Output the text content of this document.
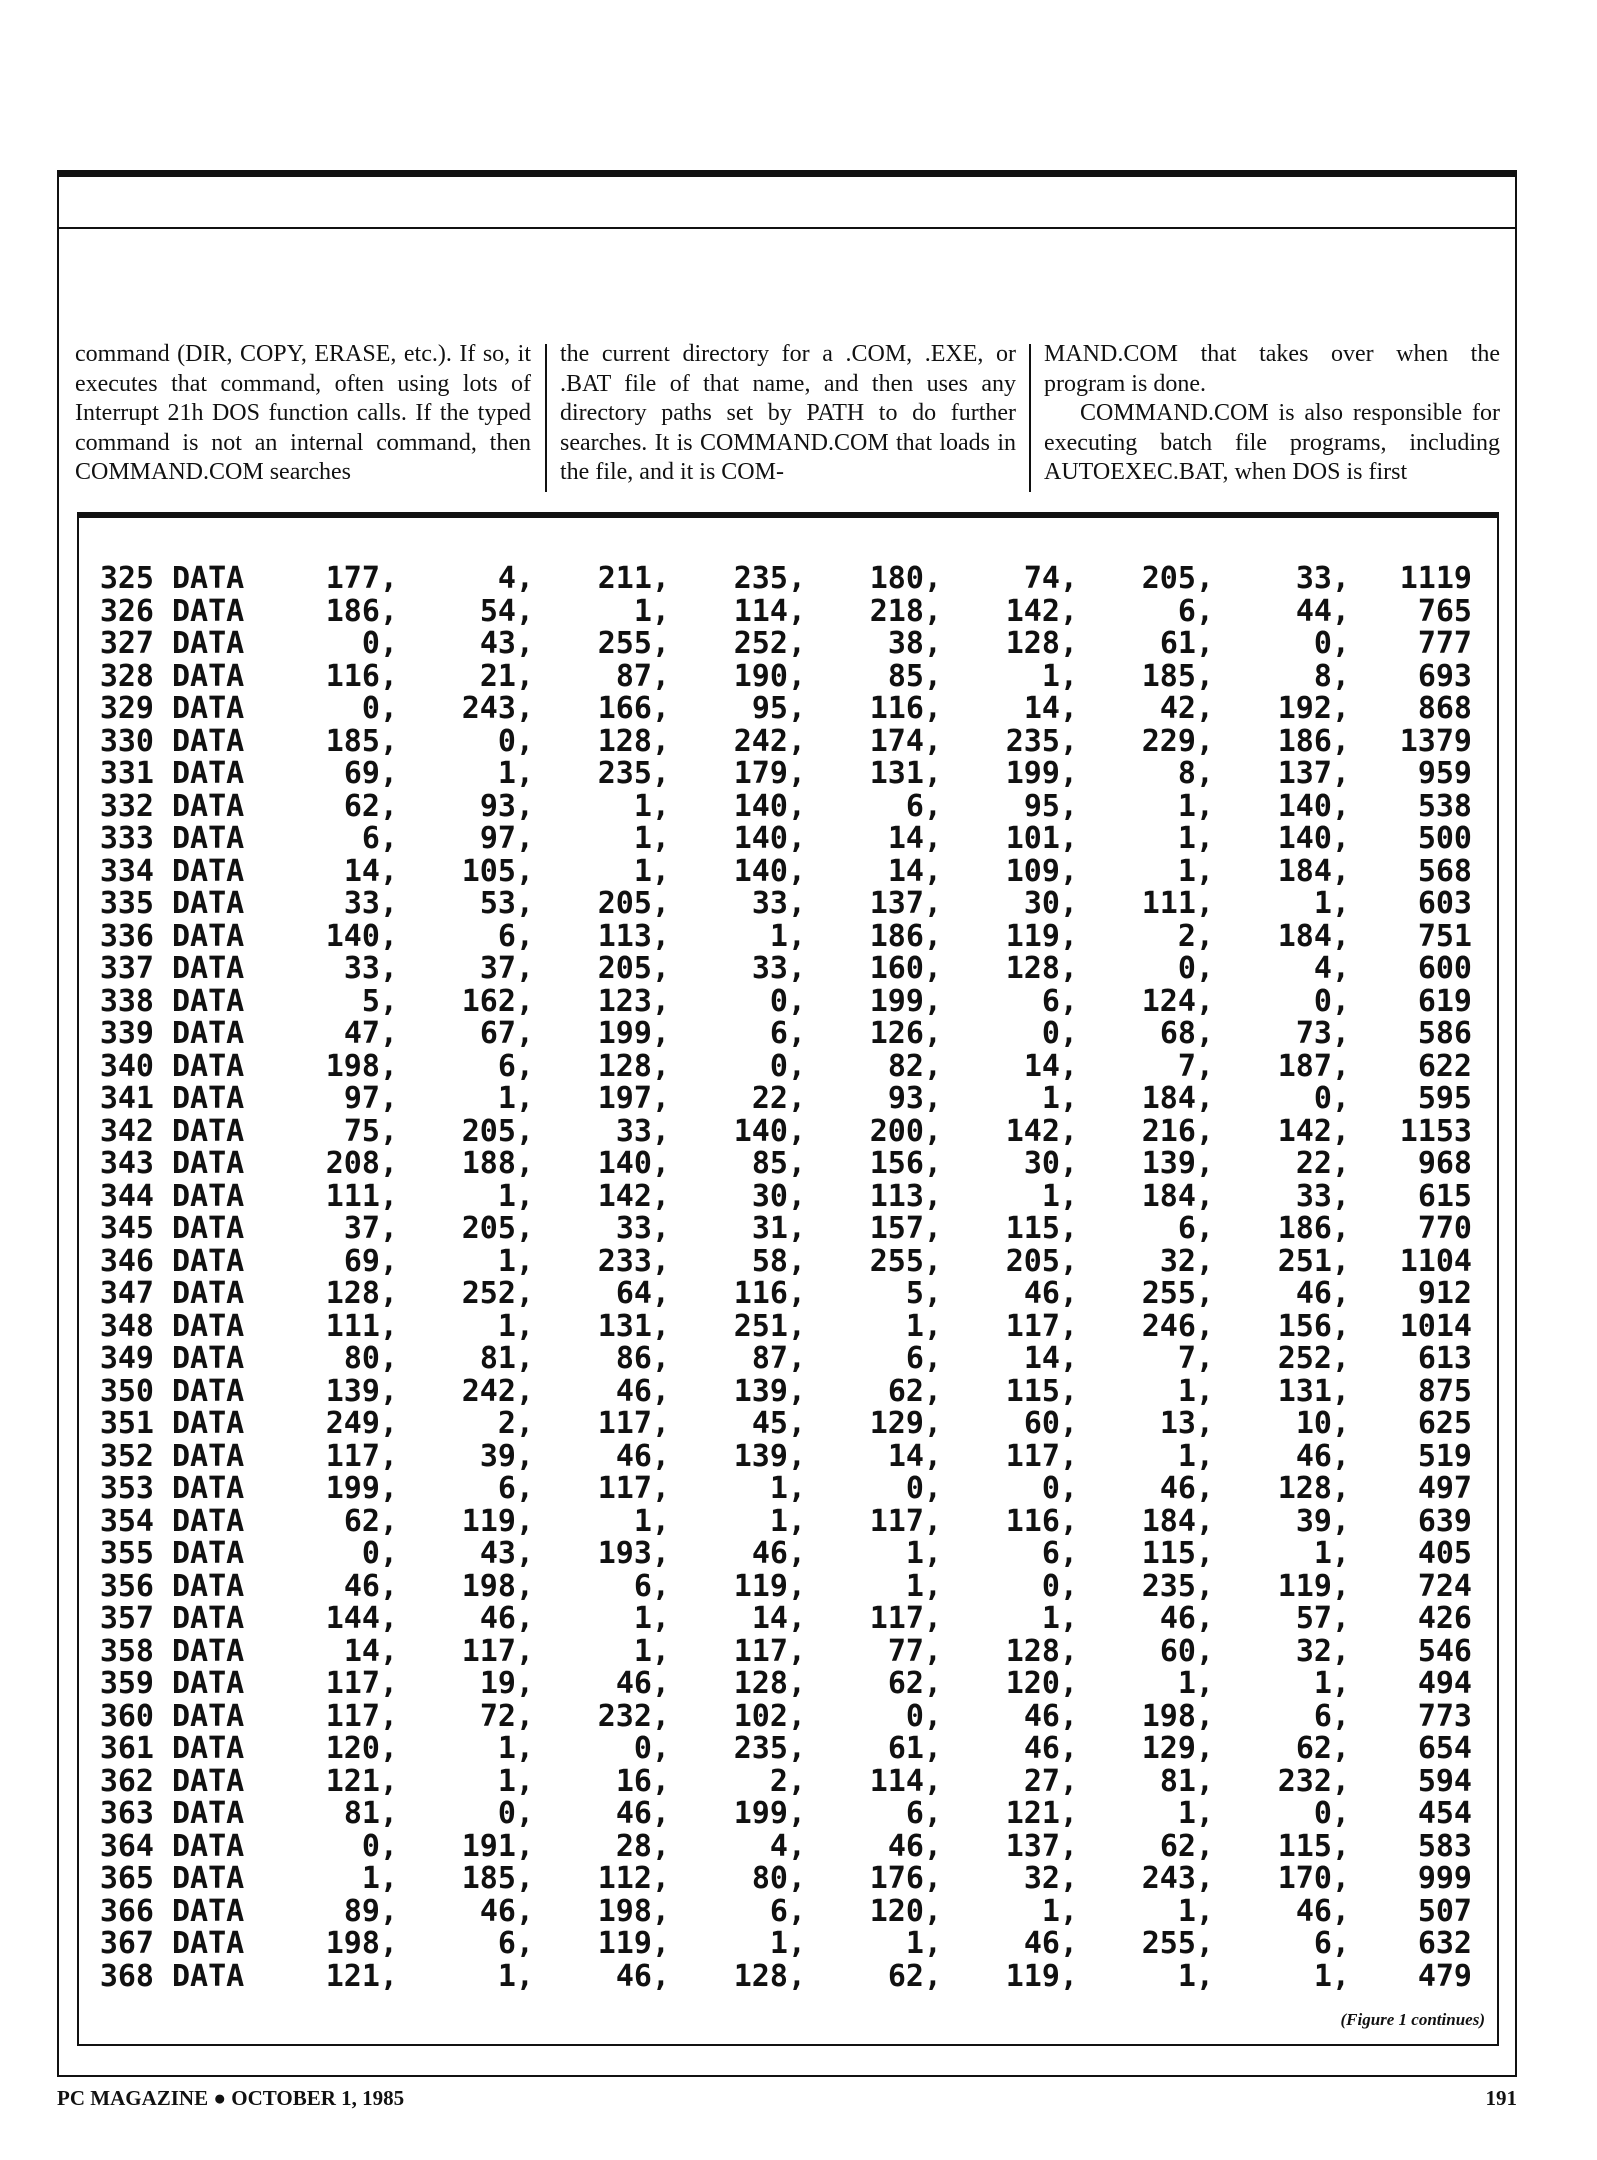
command (DIR, COPY, ERASE, etc.). If so, it executes that command, often using lots of Interrupt 21h DOS function calls. If the typed command is not an internal command, then COMMAND.COM searches

the current directory for a .COM, .EXE, or .BAT file of that name, and then uses any directory paths set by PATH to do further searches. It is COMMAND.COM that loads in the file, and it is COM-

MAND.COM that takes over when the program is done.

COMMAND.COM is also responsible for executing batch file programs, including AUTOEXEC.BAT, when DOS is first

325 DATA	177,	4,	211,	235,	180,	74,	205,	33,	1119
326 DATA	186,	54,	1,	114,	218,	142,	6,	44,	765
327 DATA	0,	43,	255,	252,	38,	128,	61,	0,	777
328 DATA	116,	21,	87,	190,	85,	1,	185,	8,	693
329 DATA	0,	243,	166,	95,	116,	14,	42,	192,	868
330 DATA	185,	0,	128,	242,	174,	235,	229,	186,	1379
331 DATA	69,	1,	235,	179,	131,	199,	8,	137,	959
332 DATA	62,	93,	1,	140,	6,	95,	1,	140,	538
333 DATA	6,	97,	1,	140,	14,	101,	1,	140,	500
334 DATA	14,	105,	1,	140,	14,	109,	1,	184,	568
335 DATA	33,	53,	205,	33,	137,	30,	111,	1,	603
336 DATA	140,	6,	113,	1,	186,	119,	2,	184,	751
337 DATA	33,	37,	205,	33,	160,	128,	0,	4,	600
338 DATA	5,	162,	123,	0,	199,	6,	124,	0,	619
339 DATA	47,	67,	199,	6,	126,	0,	68,	73,	586
340 DATA	198,	6,	128,	0,	82,	14,	7,	187,	622
341 DATA	97,	1,	197,	22,	93,	1,	184,	0,	595
342 DATA	75,	205,	33,	140,	200,	142,	216,	142,	1153
343 DATA	208,	188,	140,	85,	156,	30,	139,	22,	968
344 DATA	111,	1,	142,	30,	113,	1,	184,	33,	615
345 DATA	37,	205,	33,	31,	157,	115,	6,	186,	770
346 DATA	69,	1,	233,	58,	255,	205,	32,	251,	1104
347 DATA	128,	252,	64,	116,	5,	46,	255,	46,	912
348 DATA	111,	1,	131,	251,	1,	117,	246,	156,	1014
349 DATA	80,	81,	86,	87,	6,	14,	7,	252,	613
350 DATA	139,	242,	46,	139,	62,	115,	1,	131,	875
351 DATA	249,	2,	117,	45,	129,	60,	13,	10,	625
352 DATA	117,	39,	46,	139,	14,	117,	1,	46,	519
353 DATA	199,	6,	117,	1,	0,	0,	46,	128,	497
354 DATA	62,	119,	1,	1,	117,	116,	184,	39,	639
355 DATA	0,	43,	193,	46,	1,	6,	115,	1,	405
356 DATA	46,	198,	6,	119,	1,	0,	235,	119,	724
357 DATA	144,	46,	1,	14,	117,	1,	46,	57,	426
358 DATA	14,	117,	1,	117,	77,	128,	60,	32,	546
359 DATA	117,	19,	46,	128,	62,	120,	1,	1,	494
360 DATA	117,	72,	232,	102,	0,	46,	198,	6,	773
361 DATA	120,	1,	0,	235,	61,	46,	129,	62,	654
362 DATA	121,	1,	16,	2,	114,	27,	81,	232,	594
363 DATA	81,	0,	46,	199,	6,	121,	1,	0,	454
364 DATA	0,	191,	28,	4,	46,	137,	62,	115,	583
365 DATA	1,	185,	112,	80,	176,	32,	243,	170,	999
366 DATA	89,	46,	198,	6,	120,	1,	1,	46,	507
367 DATA	198,	6,	119,	1,	1,	46,	255,	6,	632
368 DATA	121,	1,	46,	128,	62,	119,	1,	1,	479
(Figure 1 continues)
PC MAGAZINE ● OCTOBER 1, 1985	191
